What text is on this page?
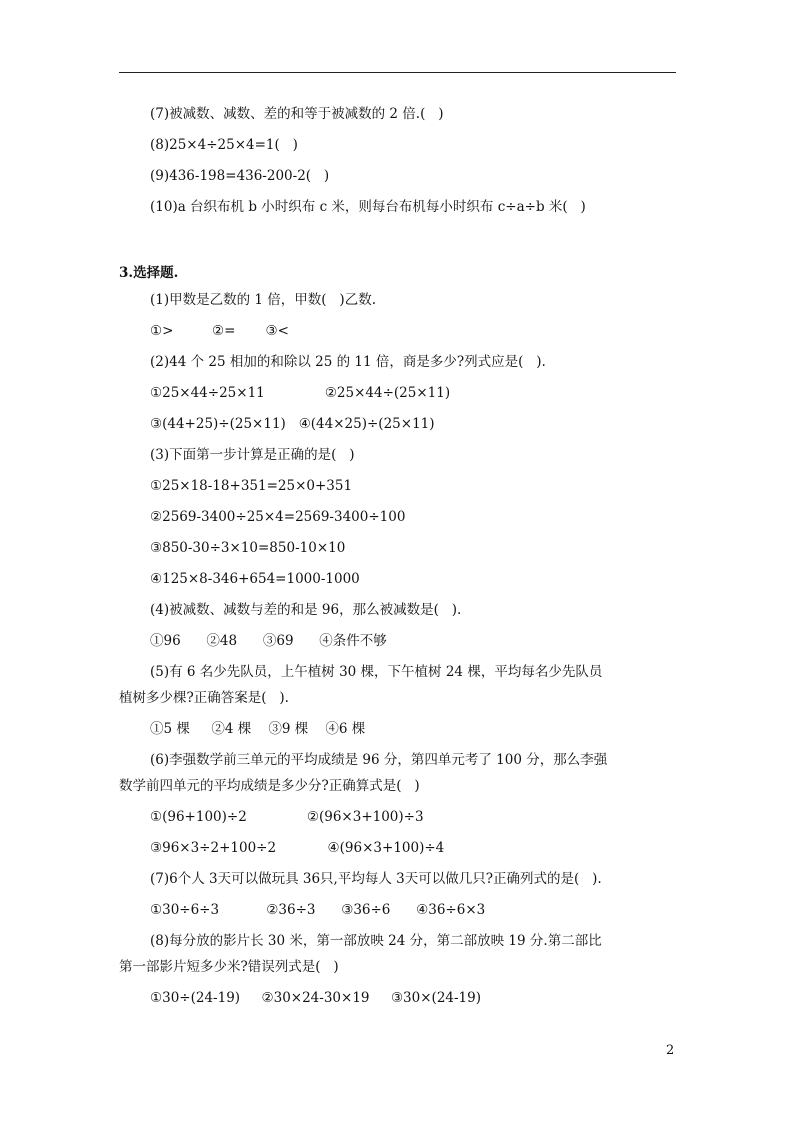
(7)被减数、减数、差的和等于被减数的 2 倍.(   )
(8)25×4÷25×4=1(   )
(9)436-198=436-200-2(   )
(10)a 台织布机 b 小时织布 c 米，则每台布机每小时织布 c÷a÷b 米(   )
3.选择题.
(1)甲数是乙数的 1 倍，甲数(   )乙数.
①>         ②=       ③<
(2)44 个 25 相加的和除以 25 的 11 倍，商是多少?列式应是(   ).
①25×44÷25×11              ②25×44÷(25×11)
③(44+25)÷(25×11)   ④(44×25)÷(25×11)
(3)下面第一步计算是正确的是(   )
①25×18-18+351=25×0+351
②2569-3400÷25×4=2569-3400÷100
③850-30÷3×10=850-10×10
④125×8-346+654=1000-1000
(4)被减数、减数与差的和是 96，那么被减数是(   ).
①96      ②48      ③69      ④条件不够
(5)有 6 名少先队员，上午植树 30 棵，下午植树 24 棵，平均每名少先队员
植树多少棵?正确答案是(   ).
①5 棵     ②4 棵    ③9 棵    ④6 棵
(6)李强数学前三单元的平均成绩是 96 分，第四单元考了 100 分，那么李强
数学前四单元的平均成绩是多少分?正确算式是(   )
①(96+100)÷2              ②(96×3+100)÷3
③96×3÷2+100÷2            ④(96×3+100)÷4
(7)6个人 3天可以做玩具 36只,平均每人 3天可以做几只?正确列式的是(   ).
①30÷6÷3           ②36÷3      ③36÷6      ④36÷6×3
(8)每分放的影片长 30 米，第一部放映 24 分，第二部放映 19 分.第二部比
第一部影片短多少米?错误列式是(   )
①30÷(24-19)     ②30×24-30×19     ③30×(24-19)
2
